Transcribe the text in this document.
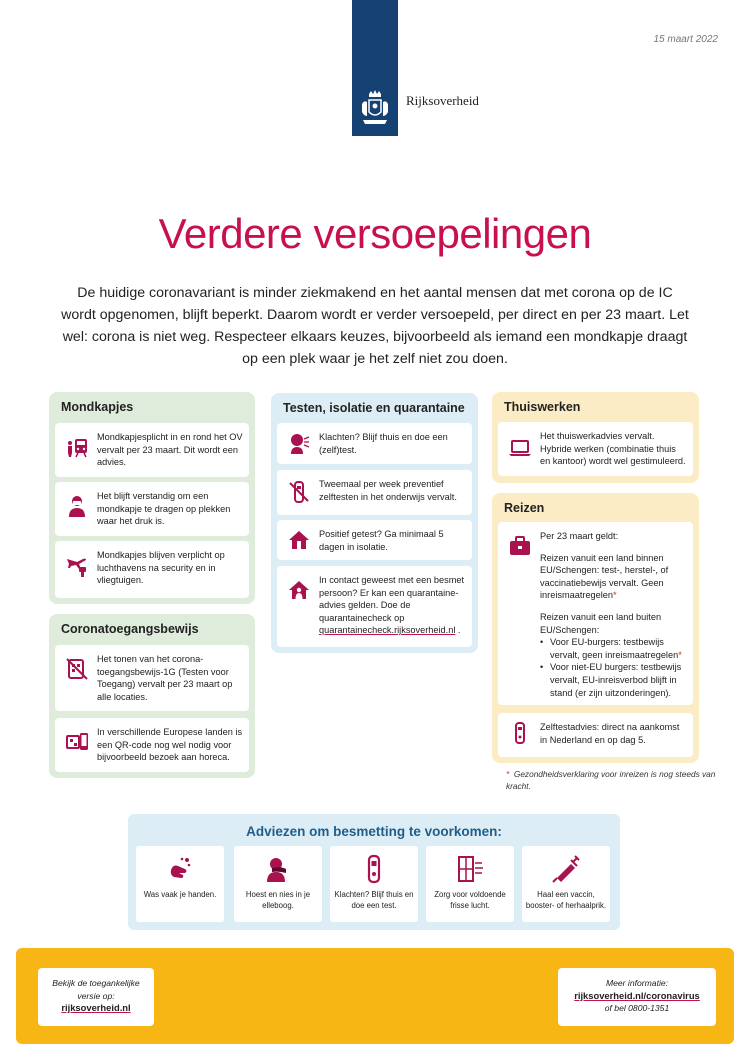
15 maart 2022
Rijksoverheid
Verdere versoepelingen

De huidige coronavariant is minder ziekmakend en het aantal mensen dat met corona op de IC wordt opgenomen, blijft beperkt. Daarom wordt er verder versoepeld, per direct en per 23 maart. Let wel: corona is niet weg. Respecteer elkaars keuzes, bijvoorbeeld als iemand een mondkapje draagt op een plek waar je het zelf niet zou doen.

Mondkapjes
Mondkapjesplicht in en rond het OV vervalt per 23 maart. Dit wordt een advies.
Het blijft verstandig om een mondkapje te dragen op plekken waar het druk is.
Mondkapjes blijven verplicht op luchthavens na security en in vliegtuigen.
Coronatoegangsbewijs
Het tonen van het corona-toegangsbewijs-1G (Testen voor Toegang) vervalt per 23 maart op alle locaties.
In verschillende Europese landen is een QR-code nog wel nodig voor bijvoorbeeld bezoek aan horeca.
Testen, isolatie en quarantaine
Klachten? Blijf thuis en doe een (zelf)test.
Tweemaal per week preventief zelftesten in het onderwijs vervalt.
Positief getest? Ga minimaal 5 dagen in isolatie.
In contact geweest met een besmet persoon? Er kan een quarantaine-advies gelden. Doe de quarantainecheck op quarantainecheck.rijksoverheid.nl .
Thuiswerken
Het thuiswerkadvies vervalt. Hybride werken (combinatie thuis en kantoor) wordt wel gestimuleerd.
Reizen

Per 23 maart geldt:

Reizen vanuit een land binnen EU/Schengen: test-, herstel-, of vaccinatiebewijs vervalt. Geen inreismaatregelen*

Reizen vanuit een land buiten EU/Schengen:
• Voor EU-burgers: testbewijs vervalt, geen inreismaatregelen*
• Voor niet-EU burgers: testbewijs vervalt, EU-inreisverbod blijft in stand (er zijn uitzonderingen).
Zelftestadvies: direct na aankomst in Nederland en op dag 5.
* Gezondheidsverklaring voor inreizen is nog steeds van kracht.
Adviezen om besmetting te voorkomen:
Was vaak je handen.	Hoest en nies in je elleboog.
Klachten? Blijf thuis en doe een test.
Zorg voor voldoende frisse lucht.
Haal een vaccin, booster- of herhaalprik.
Bekijk de toegankelijke versie op:
rijksoverheid.nl
Meer informatie:
rijksoverheid.nl/coronavirus
of bel 0800-1351
